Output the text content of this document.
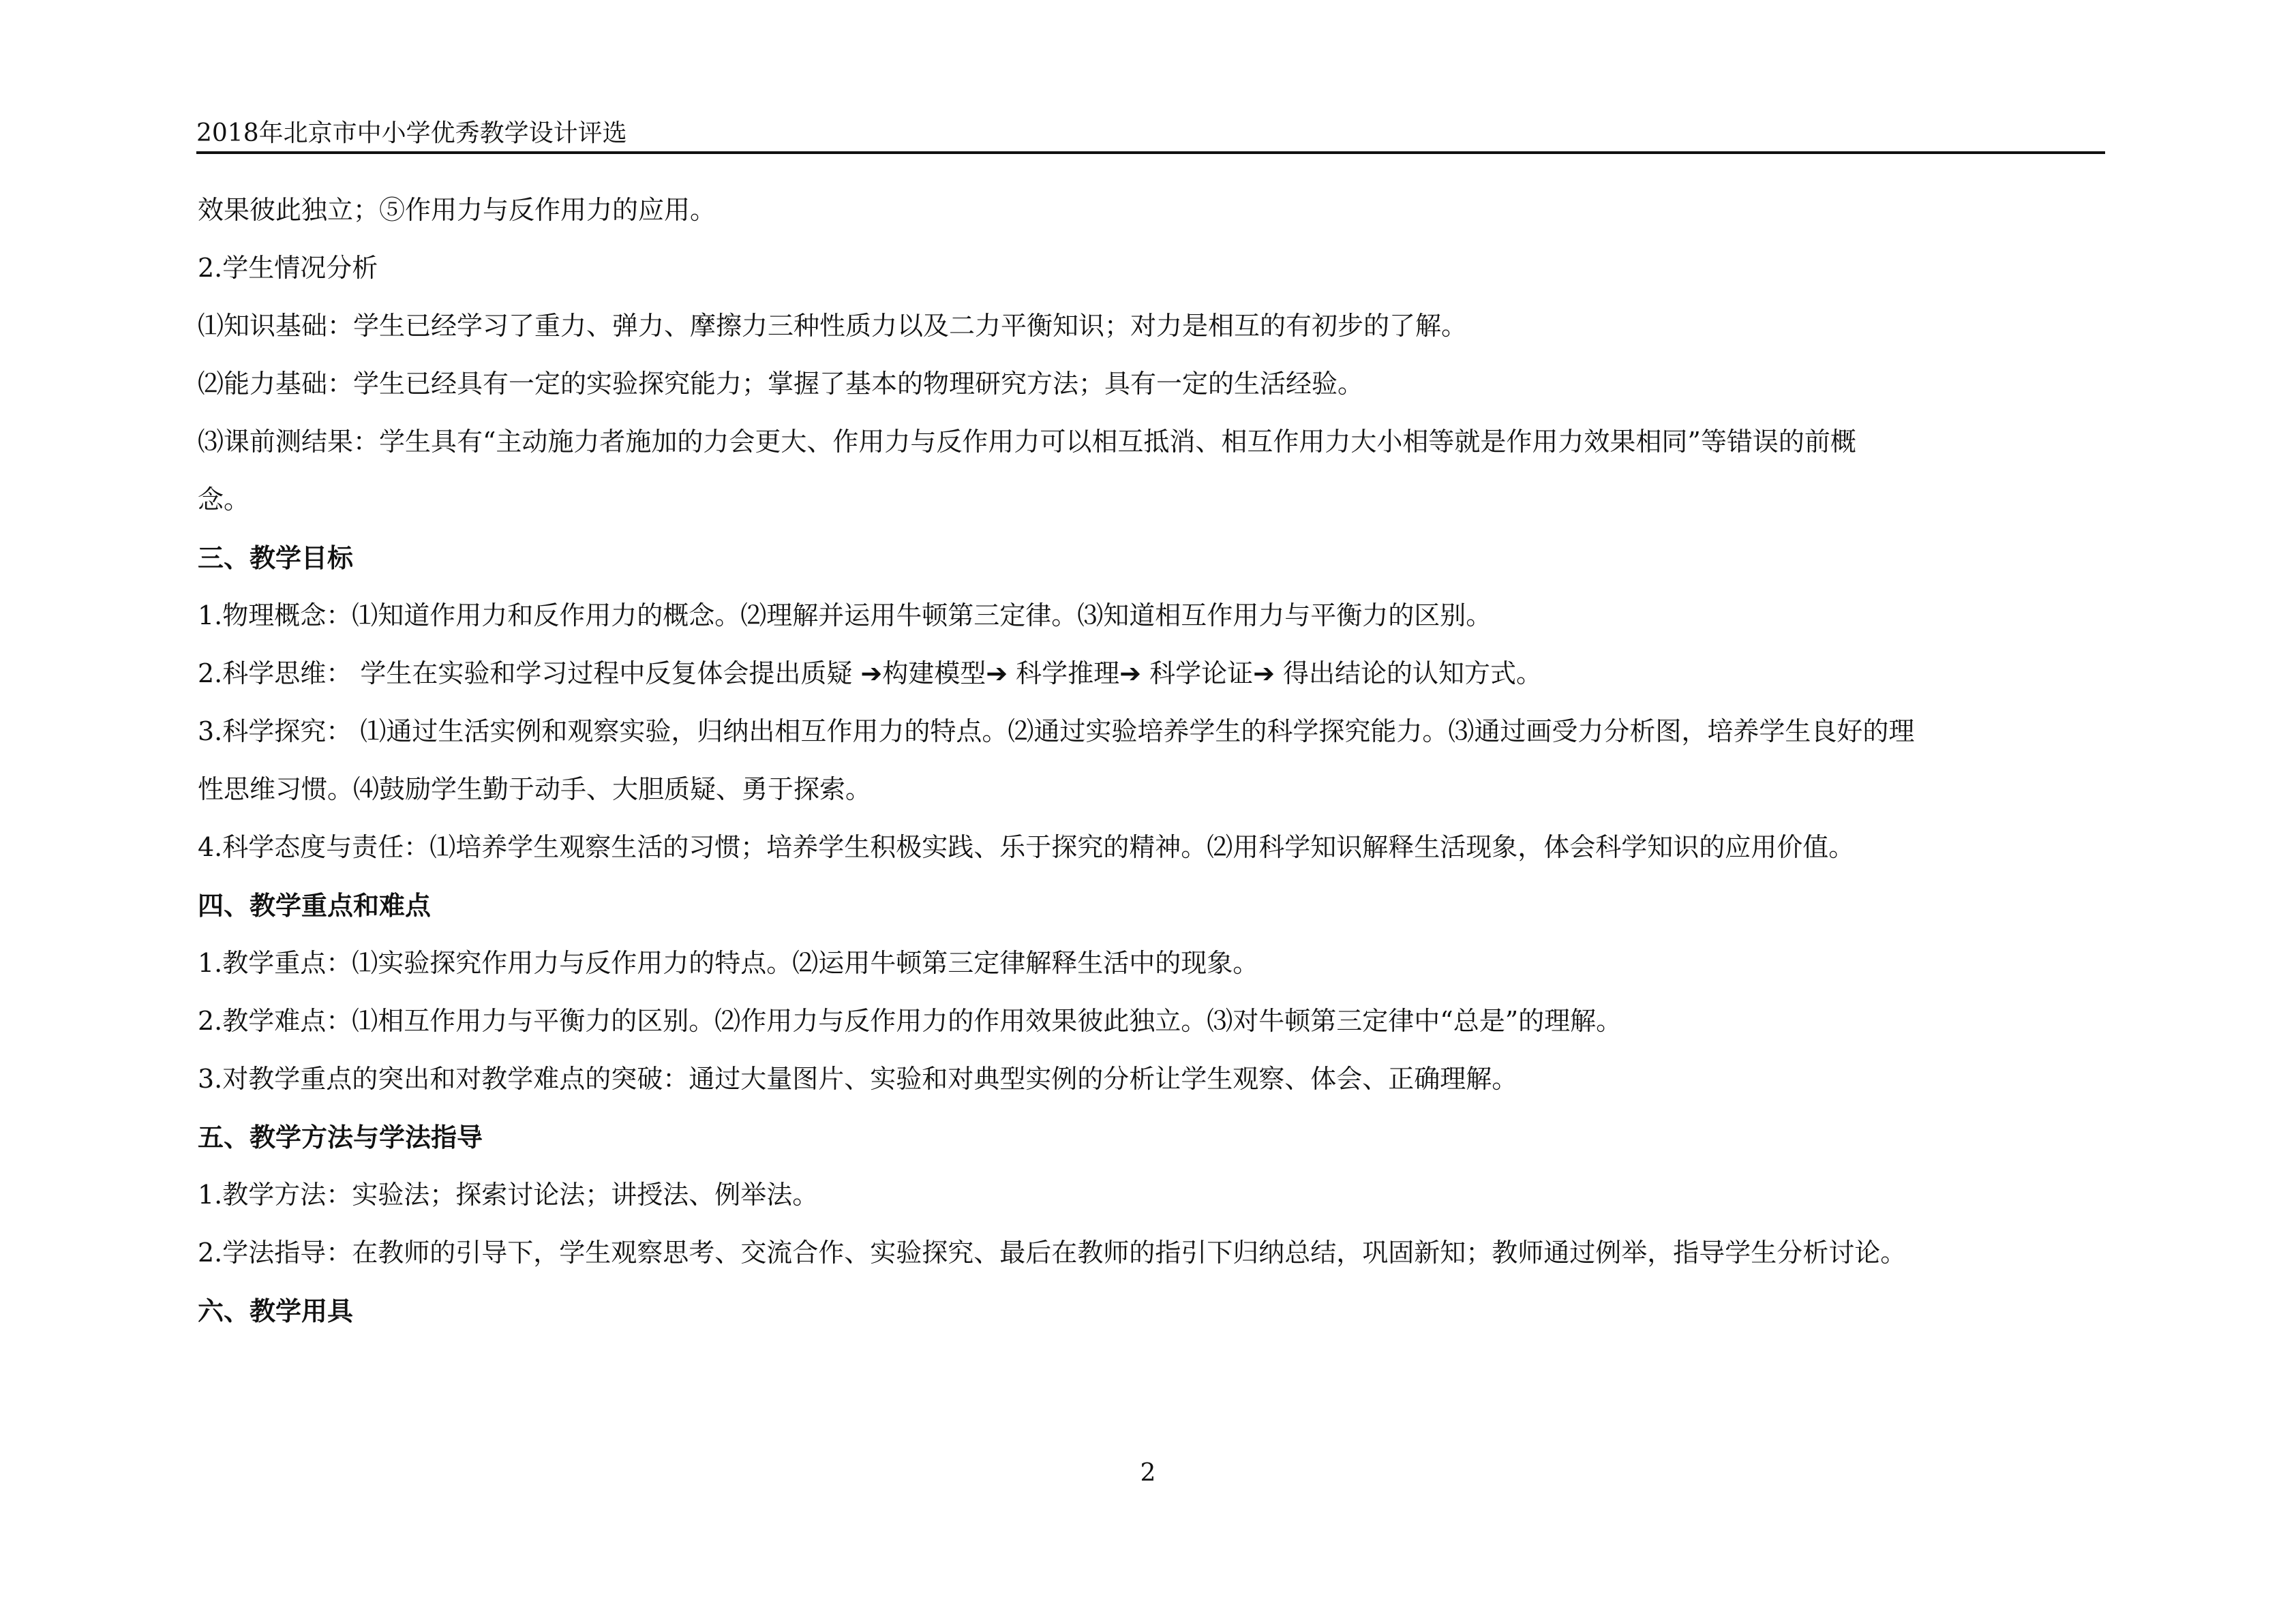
2018年北京市中小学优秀教学设计评选
效果彼此独立；⑤作用力与反作用力的应用。
2.学生情况分析
⑴知识基础：学生已经学习了重力、弹力、摩擦力三种性质力以及二力平衡知识；对力是相互的有初步的了解。
⑵能力基础：学生已经具有一定的实验探究能力；掌握了基本的物理研究方法；具有一定的生活经验。
⑶课前测结果：学生具有“主动施力者施加的力会更大、作用力与反作用力可以相互抵消、相互作用力大小相等就是作用力效果相同”等错误的前概
念。
三、教学目标
1.物理概念：⑴知道作用力和反作用力的概念。⑵理解并运用牛顿第三定律。⑶知道相互作用力与平衡力的区别。
2.科学思维： 学生在实验和学习过程中反复体会提出质疑 ➔构建模型➔ 科学推理➔ 科学论证➔ 得出结论的认知方式。
3.科学探究： ⑴通过生活实例和观察实验，归纳出相互作用力的特点。⑵通过实验培养学生的科学探究能力。⑶通过画受力分析图，培养学生良好的理
性思维习惯。⑷鼓励学生勤于动手、大胆质疑、勇于探索。
4.科学态度与责任：⑴培养学生观察生活的习惯；培养学生积极实践、乐于探究的精神。⑵用科学知识解释生活现象，体会科学知识的应用价值。
四、教学重点和难点
1.教学重点：⑴实验探究作用力与反作用力的特点。⑵运用牛顿第三定律解释生活中的现象。
2.教学难点：⑴相互作用力与平衡力的区别。⑵作用力与反作用力的作用效果彼此独立。⑶对牛顿第三定律中“总是”的理解。
3.对教学重点的突出和对教学难点的突破：通过大量图片、实验和对典型实例的分析让学生观察、体会、正确理解。
五、教学方法与学法指导
1.教学方法：实验法；探索讨论法；讲授法、例举法。
2.学法指导：在教师的引导下，学生观察思考、交流合作、实验探究、最后在教师的指引下归纳总结，巩固新知；教师通过例举，指导学生分析讨论。
六、教学用具
2
